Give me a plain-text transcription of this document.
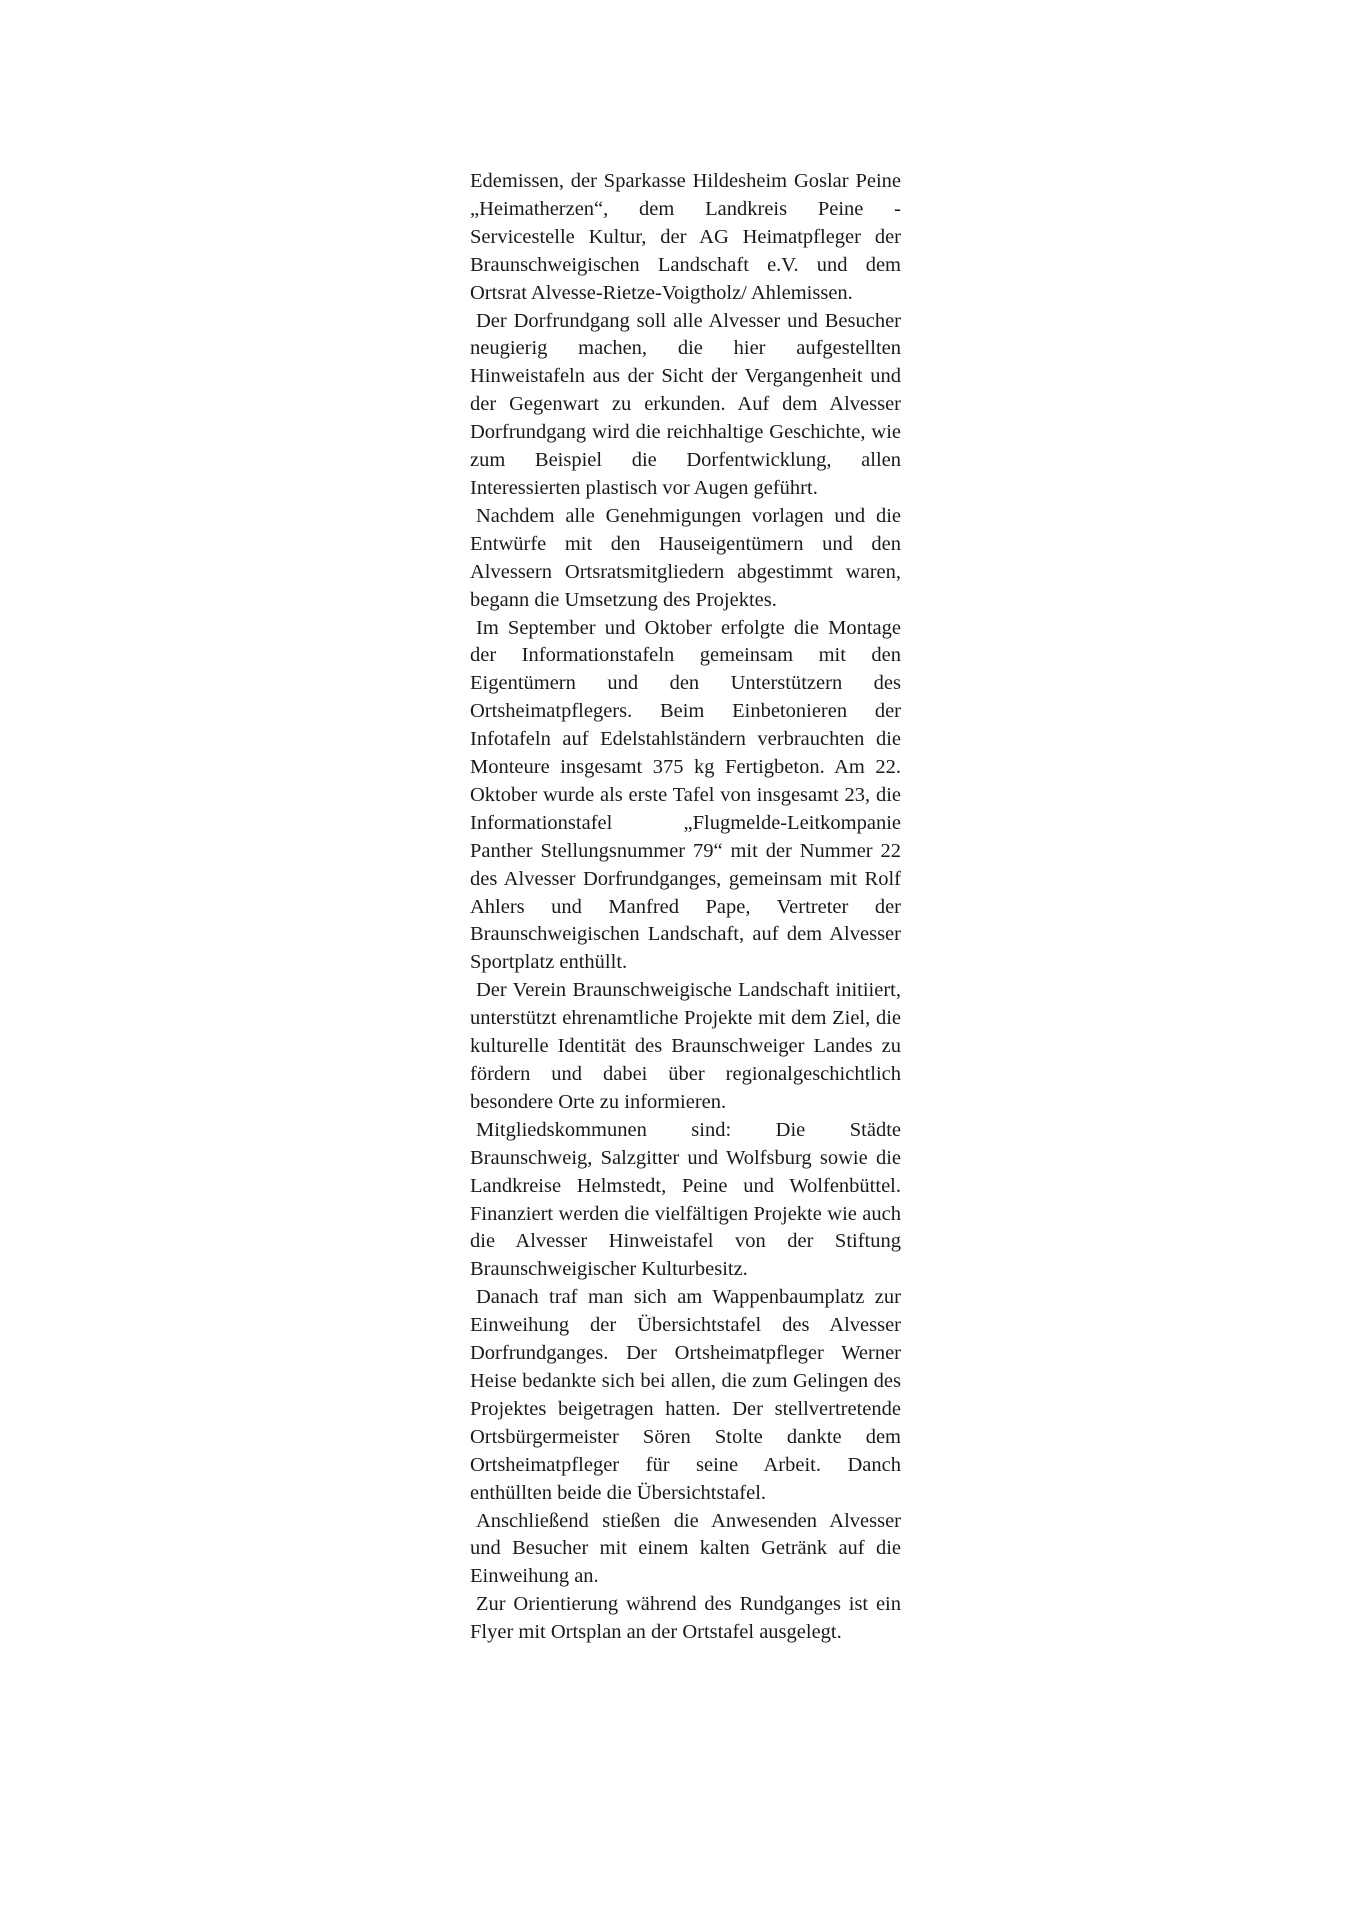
Edemissen, der Sparkasse Hildesheim Goslar Peine „Heimatherzen“, dem Landkreis Peine - Servicestelle Kultur, der AG Heimatpfleger der Braunschweigischen Landschaft e.V. und dem Ortsrat Alvesse-Rietze-Voigtholz/ Ahlemissen.

Der Dorfrundgang soll alle Alvesser und Besucher neugierig machen, die hier aufgestellten Hinweistafeln aus der Sicht der Vergangenheit und der Gegenwart zu erkunden. Auf dem Alvesser Dorfrundgang wird die reichhaltige Geschichte, wie zum Beispiel die Dorfentwicklung, allen Interessierten plastisch vor Augen geführt.

Nachdem alle Genehmigungen vorlagen und die Entwürfe mit den Hauseigentümern und den Alvessern Ortsratsmitgliedern abgestimmt waren, begann die Umsetzung des Projektes.

Im September und Oktober erfolgte die Montage der Informationstafeln gemeinsam mit den Eigentümern und den Unterstützern des Ortsheimatpflegers. Beim Einbetonieren der Infotafeln auf Edelstahlständern verbrauchten die Monteure insgesamt 375 kg Fertigbeton. Am 22. Oktober wurde als erste Tafel von insgesamt 23, die Informationstafel „Flugmelde-Leitkompanie Panther Stellungsnummer 79“ mit der Nummer 22 des Alvesser Dorfrundganges, gemeinsam mit Rolf Ahlers und Manfred Pape, Vertreter der Braunschweigischen Landschaft, auf dem Alvesser Sportplatz enthüllt.

Der Verein Braunschweigische Landschaft initiiert, unterstützt ehrenamtliche Projekte mit dem Ziel, die kulturelle Identität des Braunschweiger Landes zu fördern und dabei über regionalgeschichtlich besondere Orte zu informieren.

Mitgliedskommunen sind: Die Städte Braunschweig, Salzgitter und Wolfsburg sowie die Landkreise Helmstedt, Peine und Wolfenbüttel. Finanziert werden die vielfältigen Projekte wie auch die Alvesser Hinweistafel von der Stiftung Braunschweigischer Kulturbesitz.

Danach traf man sich am Wappenbaumplatz zur Einweihung der Übersichtstafel des Alvesser Dorfrundganges. Der Ortsheimatpfleger Werner Heise bedankte sich bei allen, die zum Gelingen des Projektes beigetragen hatten. Der stellvertretende Ortsbürgermeister Sören Stolte dankte dem Ortsheimatpfleger für seine Arbeit. Danch enthüllten beide die Übersichtstafel.

Anschließend stießen die Anwesenden Alvesser und Besucher mit einem kalten Getränk auf die Einweihung an.

Zur Orientierung während des Rundganges ist ein Flyer mit Ortsplan an der Ortstafel ausgelegt.
